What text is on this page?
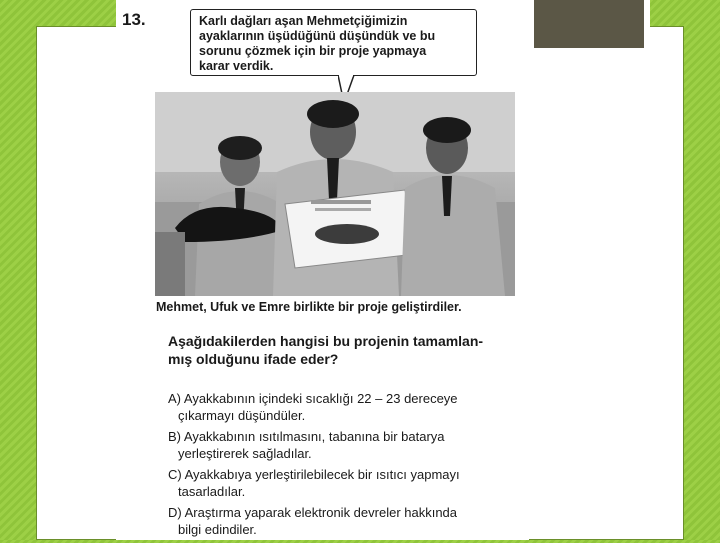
13.	Karlı dağları aşan Mehmetçiğimizin
ayaklarının üşüdüğünü düşündük ve bu
sorunu çözmek için bir proje yapmaya
karar verdik.
Mehmet, Ufuk ve Emre birlikte bir proje geliştirdiler.
Aşağıdakilerden hangisi bu projenin tamamlan-
mış olduğunu ifade eder?
A) Ayakkabının içindeki sıcaklığı 22 – 23 dereceye
çıkarmayı düşündüler.
B) Ayakkabının ısıtılmasını, tabanına bir batarya
yerleştirerek sağladılar.
C) Ayakkabıya yerleştirilebilecek bir ısıtıcı yapmayı
tasarladılar.
D) Araştırma yaparak elektronik devreler hakkında
bilgi edindiler.
